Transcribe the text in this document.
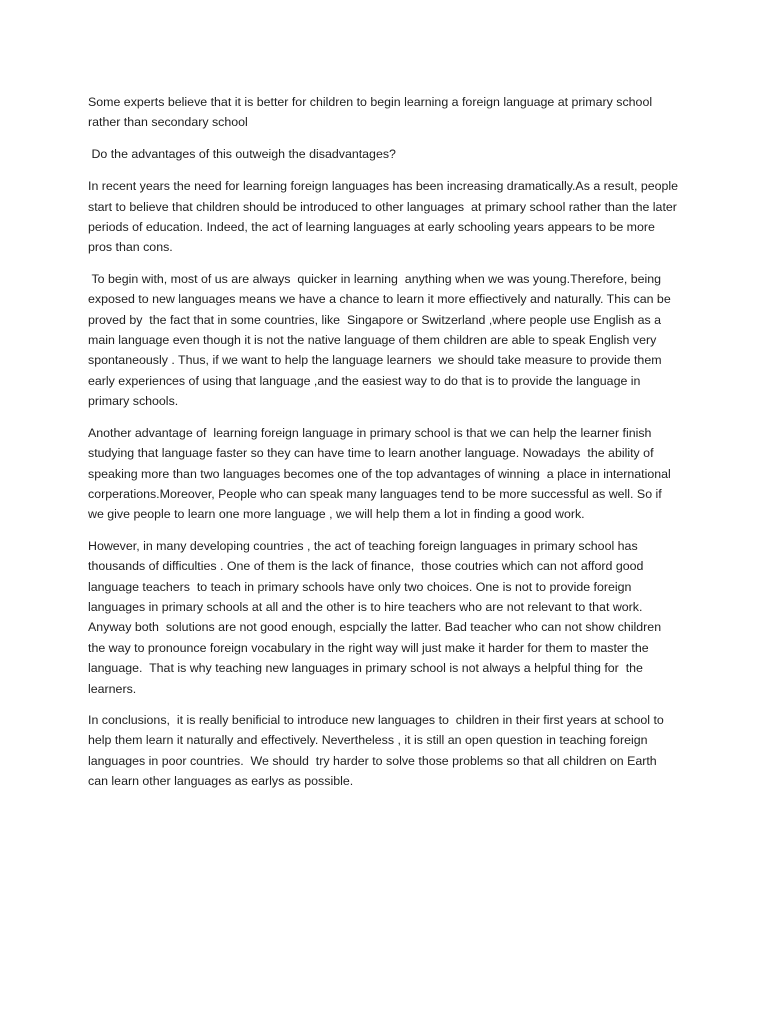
Some experts believe that it is better for children to begin learning a foreign language at primary school rather than secondary school

Do the advantages of this outweigh the disadvantages?

In recent years the need for learning foreign languages has been increasing dramatically.As a result, people  start to believe that children should be introduced to other languages  at primary school rather than the later periods of education. Indeed, the act of learning languages at early schooling years appears to be more pros than cons.

To begin with, most of us are always  quicker in learning  anything when we was young.Therefore, being exposed to new languages means we have a chance to learn it more effiectively and naturally. This can be proved by  the fact that in some countries, like  Singapore or Switzerland ,where people use English as a main language even though it is not the native language of them children are able to speak English very spontaneously . Thus, if we want to help the language learners  we should take measure to provide them early experiences of using that language ,and the easiest way to do that is to provide the language in primary schools.

Another advantage of  learning foreign language in primary school is that we can help the learner finish studying that language faster so they can have time to learn another language. Nowadays  the ability of speaking more than two languages becomes one of the top advantages of winning  a place in international corperations.Moreover, People who can speak many languages tend to be more successful as well. So if we give people to learn one more language , we will help them a lot in finding a good work.

However, in many developing countries , the act of teaching foreign languages in primary school has thousands of difficulties . One of them is the lack of finance,  those coutries which can not afford good language teachers  to teach in primary schools have only two choices. One is not to provide foreign languages in primary schools at all and the other is to hire teachers who are not relevant to that work. Anyway both  solutions are not good enough, espcially the latter. Bad teacher who can not show children the way to pronounce foreign vocabulary in the right way will just make it harder for them to master the language.  That is why teaching new languages in primary school is not always a helpful thing for  the learners.

In conclusions,  it is really benificial to introduce new languages to  children in their first years at school to  help them learn it naturally and effectively. Nevertheless , it is still an open question in teaching foreign languages in poor countries.  We should  try harder to solve those problems so that all children on Earth can learn other languages as earlys as possible.
